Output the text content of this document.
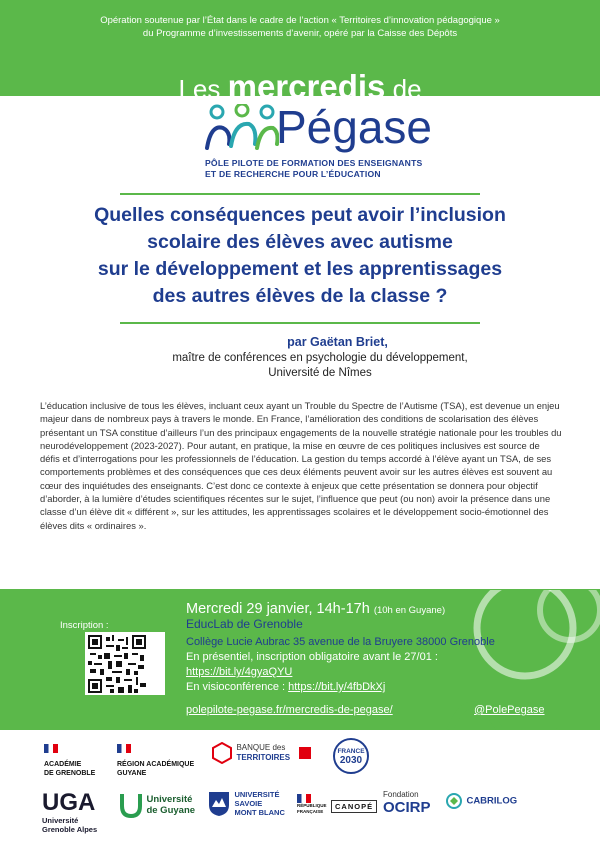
Opération soutenue par l’État dans le cadre de l’action « Territoires d’innovation pédagogique »
du Programme d’investissements d’avenir, opéré par la Caisse des Dépôts
Les mercredis de
Pégase
PÔLE PILOTE DE FORMATION DES ENSEIGNANTS
ET DE RECHERCHE POUR L’ÉDUCATION
Quelles conséquences peut avoir l’inclusion
scolaire des élèves avec autisme
sur le développement et les apprentissages
des autres élèves de la classe ?
par Gaëtan Briet,
maître de conférences en psychologie du développement,
Université de Nîmes
L’éducation inclusive de tous les élèves, incluant ceux ayant un Trouble du Spectre de l’Autisme (TSA), est devenue un enjeu majeur dans de nombreux pays à travers le monde. En France, l’amélioration des conditions de scolarisation des élèves présentant un TSA constitue d’ailleurs l’un des principaux engagements de la nouvelle stratégie nationale pour les troubles du neurodéveloppement (2023-2027). Pour autant, en pratique, la mise en œuvre de ces politiques inclusives est source de défis et d’interrogations pour les professionnels de l’éducation. La gestion du temps accordé à l’élève ayant un TSA, de ses comportements problèmes et des conséquences que ces deux éléments peuvent avoir sur les autres élèves est souvent au cœur des inquiétudes des enseignants. C’est donc ce contexte à enjeux que cette présentation se donnera pour objectif d’aborder, à la lumière d’études scientifiques récentes sur le sujet, l’influence que peut (ou non) avoir la présence dans une classe d’un élève dit « différent », sur les attitudes, les apprentissages scolaires et le développement socio-émotionnel des élèves dits « ordinaires ».
Inscription :
Mercredi 29 janvier, 14h-17h (10h en Guyane)
EducLab de Grenoble
Collège Lucie Aubrac 35 avenue de la Bruyere 38000 Grenoble
En présentiel, inscription obligatoire avant le 27/01 :
https://bit.ly/4gyaQYU
En visioconférence : https://bit.ly/4fbDkXj
polepilote-pegase.fr/mercredis-de-pegase/	@PolePegase
ACADÉMIE
DE GRENOBLE
RÉGION ACADÉMIQUE
GUYANE

BANQUE des
TERRITOIRES

FRANCE
2030
UGA
Université
Grenoble Alpes

Université
de Guyane

UNIVERSITÉ
SAVOIE
MONT BLANC
RÉPUBLIQUE FRANÇAISE
CANOPÉ
Fondation
OCIRP	CABRILOG
